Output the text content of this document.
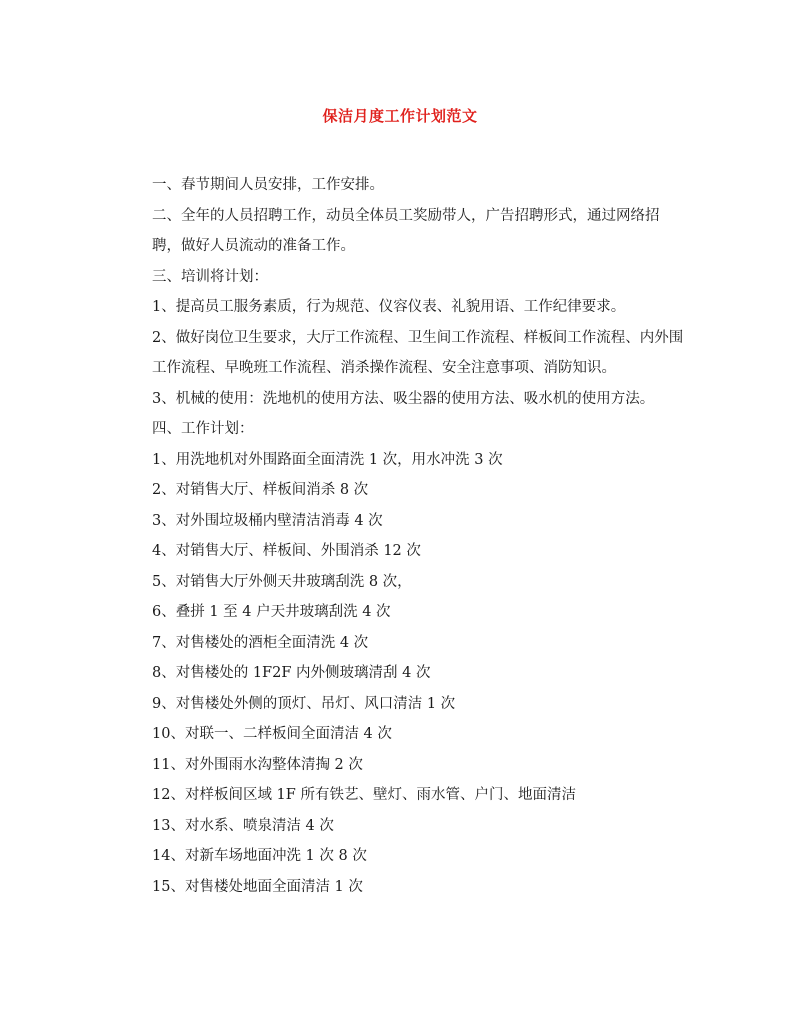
保洁月度工作计划范文

一、春节期间人员安排，工作安排。

二、全年的人员招聘工作，动员全体员工奖励带人，广告招聘形式，通过网络招聘，做好人员流动的准备工作。

三、培训将计划：

1、提高员工服务素质，行为规范、仪容仪表、礼貌用语、工作纪律要求。

2、做好岗位卫生要求，大厅工作流程、卫生间工作流程、样板间工作流程、内外围工作流程、早晚班工作流程、消杀操作流程、安全注意事项、消防知识。

3、机械的使用：洗地机的使用方法、吸尘器的使用方法、吸水机的使用方法。

四、工作计划：

1、用洗地机对外围路面全面清洗 1 次，用水冲洗 3 次

2、对销售大厅、样板间消杀 8 次

3、对外围垃圾桶内壁清洁消毒 4 次

4、对销售大厅、样板间、外围消杀 12 次

5、对销售大厅外侧天井玻璃刮洗 8 次，

6、叠拼 1 至 4 户天井玻璃刮洗 4 次

7、对售楼处的酒柜全面清洗 4 次

8、对售楼处的 1F2F 内外侧玻璃清刮 4 次

9、对售楼处外侧的顶灯、吊灯、风口清洁 1 次

10、对联一、二样板间全面清洁 4 次

11、对外围雨水沟整体清掏 2 次

12、对样板间区域 1F 所有铁艺、壁灯、雨水管、户门、地面清洁

13、对水系、喷泉清洁 4 次

14、对新车场地面冲洗 1 次 8 次

15、对售楼处地面全面清洁 1 次
